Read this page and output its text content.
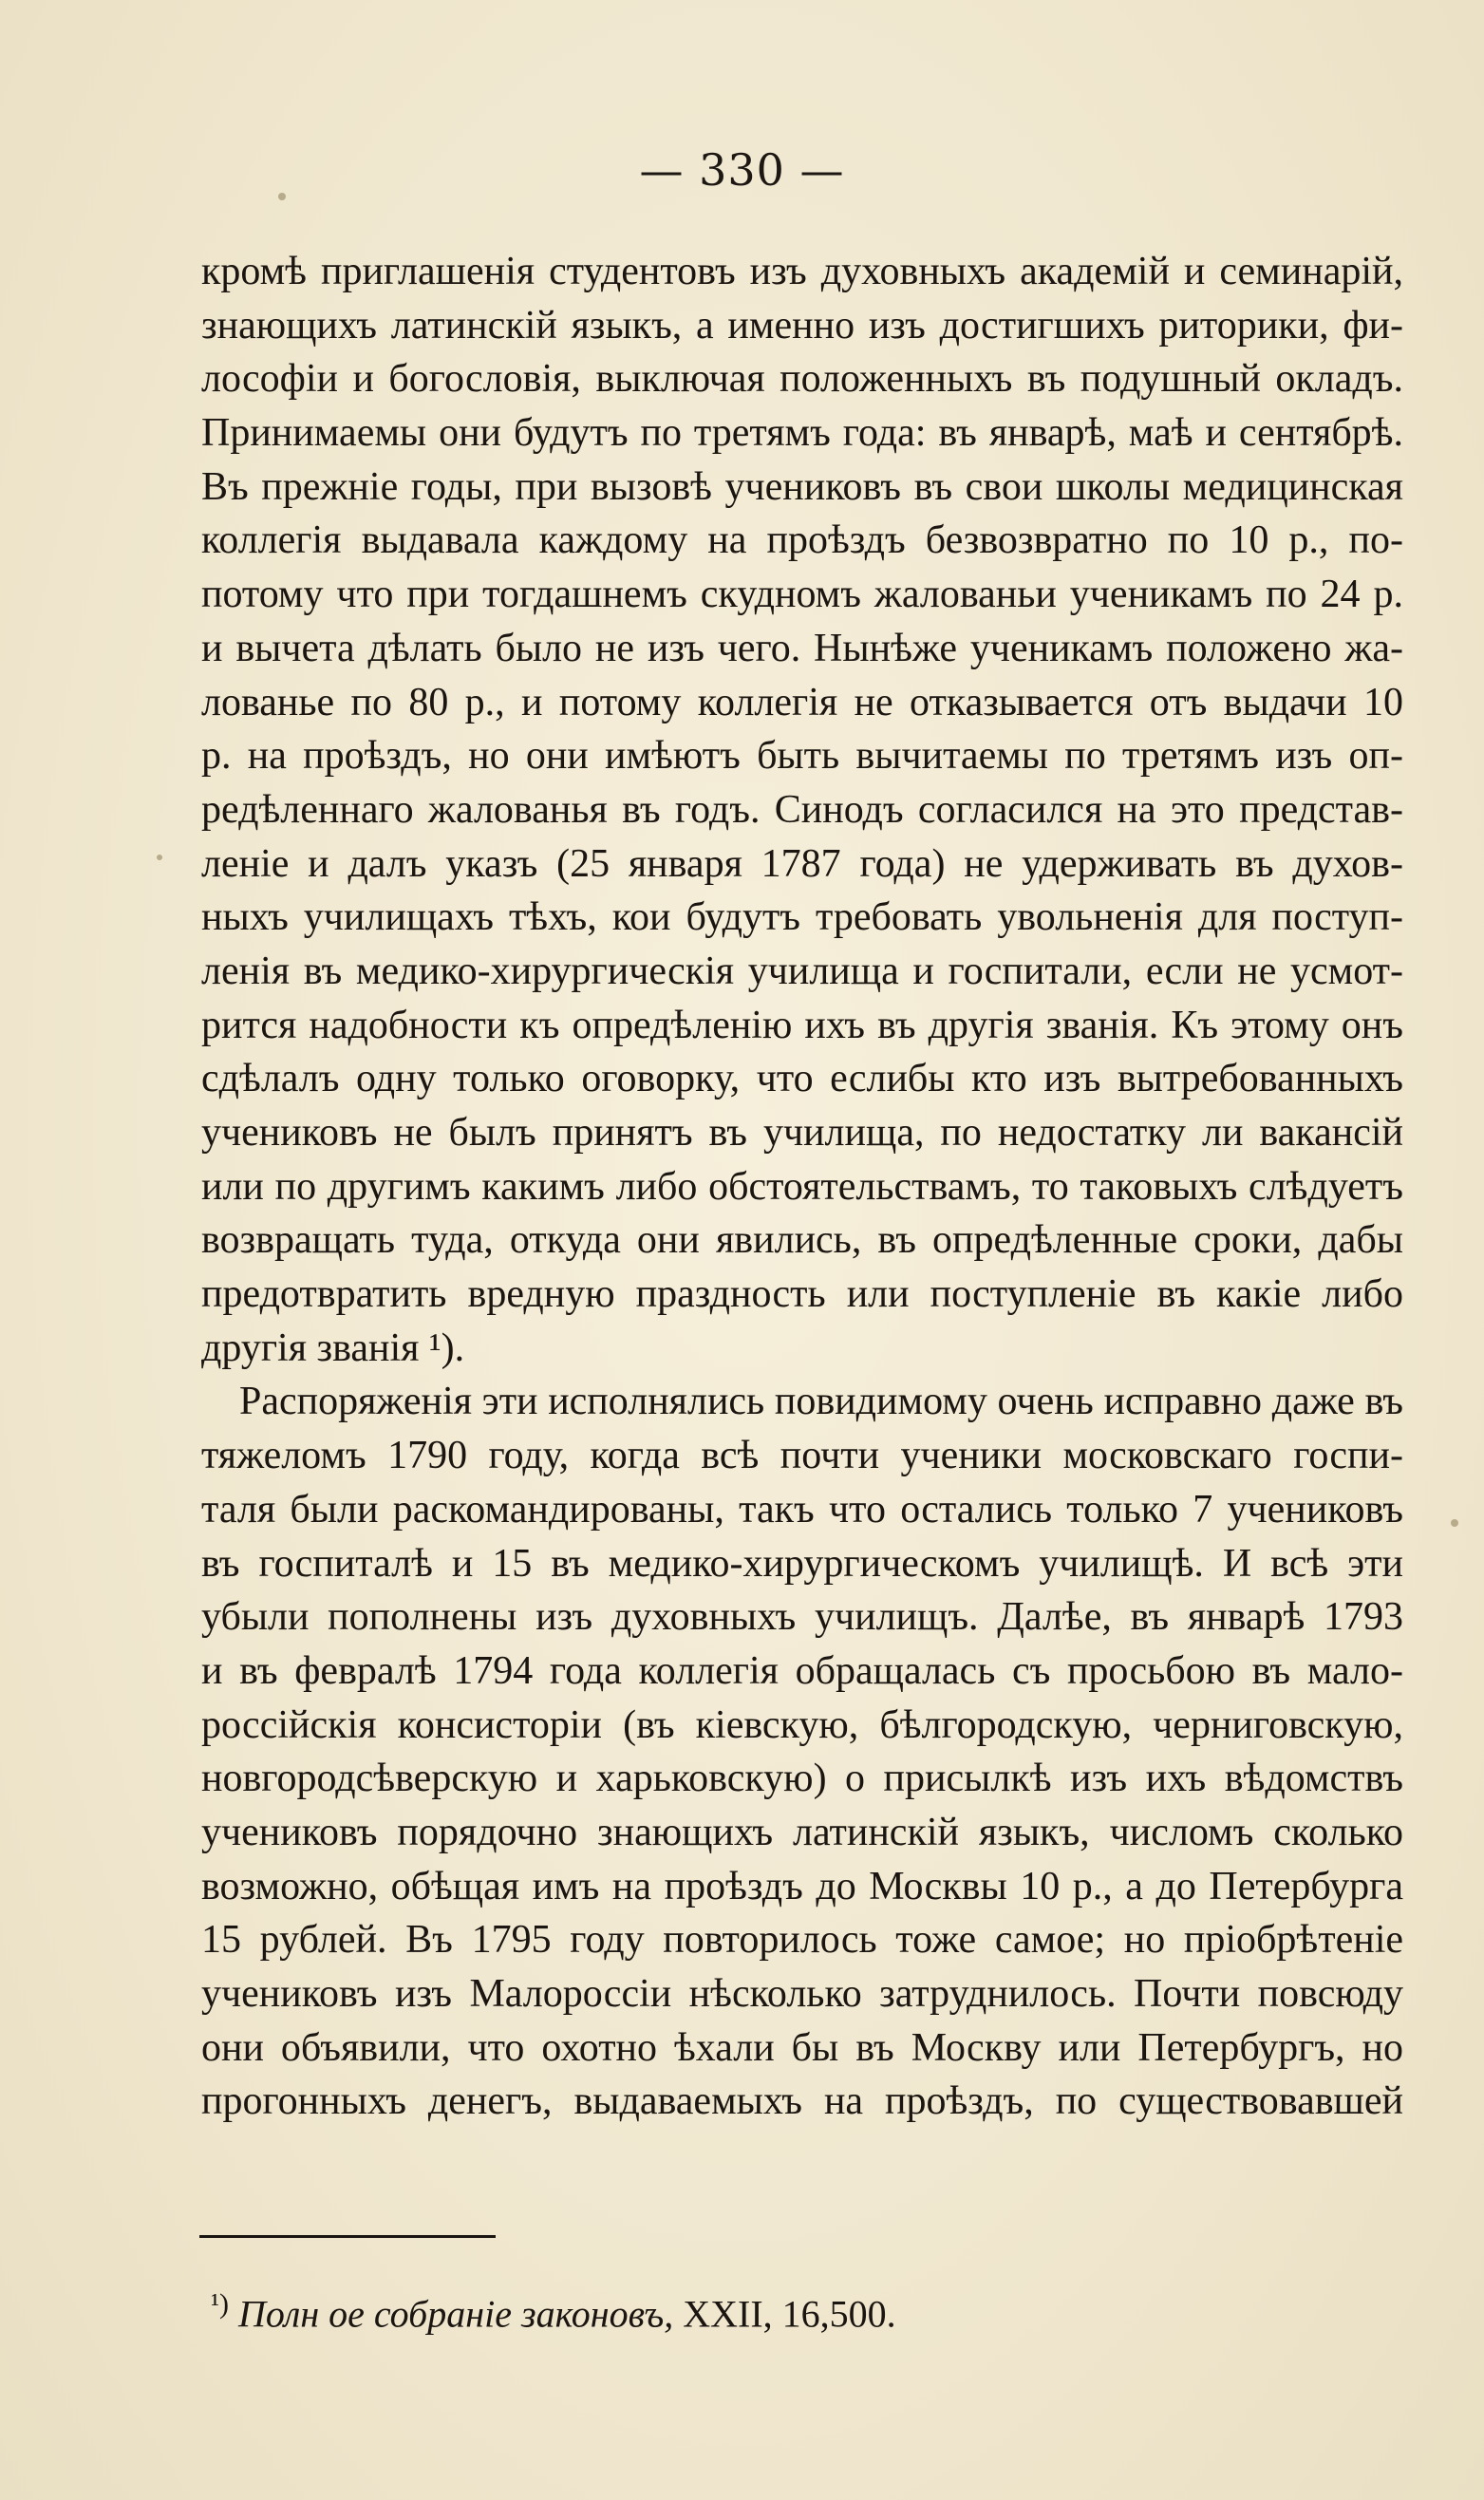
— 330 —
кромѣ приглашенія студентовъ изъ духовныхъ академій и семинарій,
знающихъ латинскій языкъ, а именно изъ достигшихъ риторики, фи-
лософіи и богословія, выключая положенныхъ въ подушный окладъ.
Принимаемы они будутъ по третямъ года: въ январѣ, маѣ и сентябрѣ.
Въ прежніе годы, при вызовѣ учениковъ въ свои школы медицинская
коллегія выдавала каждому на проѣздъ безвозвратно по 10 р., по-
потому что при тогдашнемъ скудномъ жалованьи ученикамъ по 24 р.
и вычета дѣлать было не изъ чего. Нынѣже ученикамъ положено жа-
лованье по 80 р., и потому коллегія не отказывается отъ выдачи 10
р. на проѣздъ, но они имѣютъ быть вычитаемы по третямъ изъ оп-
редѣленнаго жалованья въ годъ. Синодъ согласился на это представ-
леніе и далъ указъ (25 января 1787 года) не удерживать въ духов-
ныхъ училищахъ тѣхъ, кои будутъ требовать увольненія для поступ-
ленія въ медико-хирургическія училища и госпитали, если не усмот-
рится надобности къ опредѣленію ихъ въ другія званія. Къ этому онъ
сдѣлалъ одну только оговорку, что еслибы кто изъ вытребованныхъ
учениковъ не былъ принятъ въ училища, по недостатку ли вакансій
или по другимъ какимъ либо обстоятельствамъ, то таковыхъ слѣдуетъ
возвращать туда, откуда они явились, въ опредѣленные сроки, дабы
предотвратить вредную праздность или поступленіе въ какіе либо
другія званія ¹).
Распоряженія эти исполнялись повидимому очень исправно даже въ
тяжеломъ 1790 году, когда всѣ почти ученики московскаго госпи-
таля были раскомандированы, такъ что остались только 7 учениковъ
въ госпиталѣ и 15 въ медико-хирургическомъ училищѣ. И всѣ эти
убыли пополнены изъ духовныхъ училищъ. Далѣе, въ январѣ 1793
и въ февралѣ 1794 года коллегія обращалась съ просьбою въ мало-
россійскія консисторіи (въ кіевскую, бѣлгородскую, черниговскую,
новгородсѣверскую и харьковскую) о присылкѣ изъ ихъ вѣдомствъ
учениковъ порядочно знающихъ латинскій языкъ, числомъ сколько
возможно, обѣщая имъ на проѣздъ до Москвы 10 р., а до Петербурга
15 рублей. Въ 1795 году повторилось тоже самое; но пріобрѣтеніе
учениковъ изъ Малороссіи нѣсколько затруднилось. Почти повсюду
они объявили, что охотно ѣхали бы въ Москву или Петербургъ, но
прогонныхъ денегъ, выдаваемыхъ на проѣздъ, по существовавшей
$^{^1)}$ Полн ое собраніе законовъ, XXII, 16,500.
